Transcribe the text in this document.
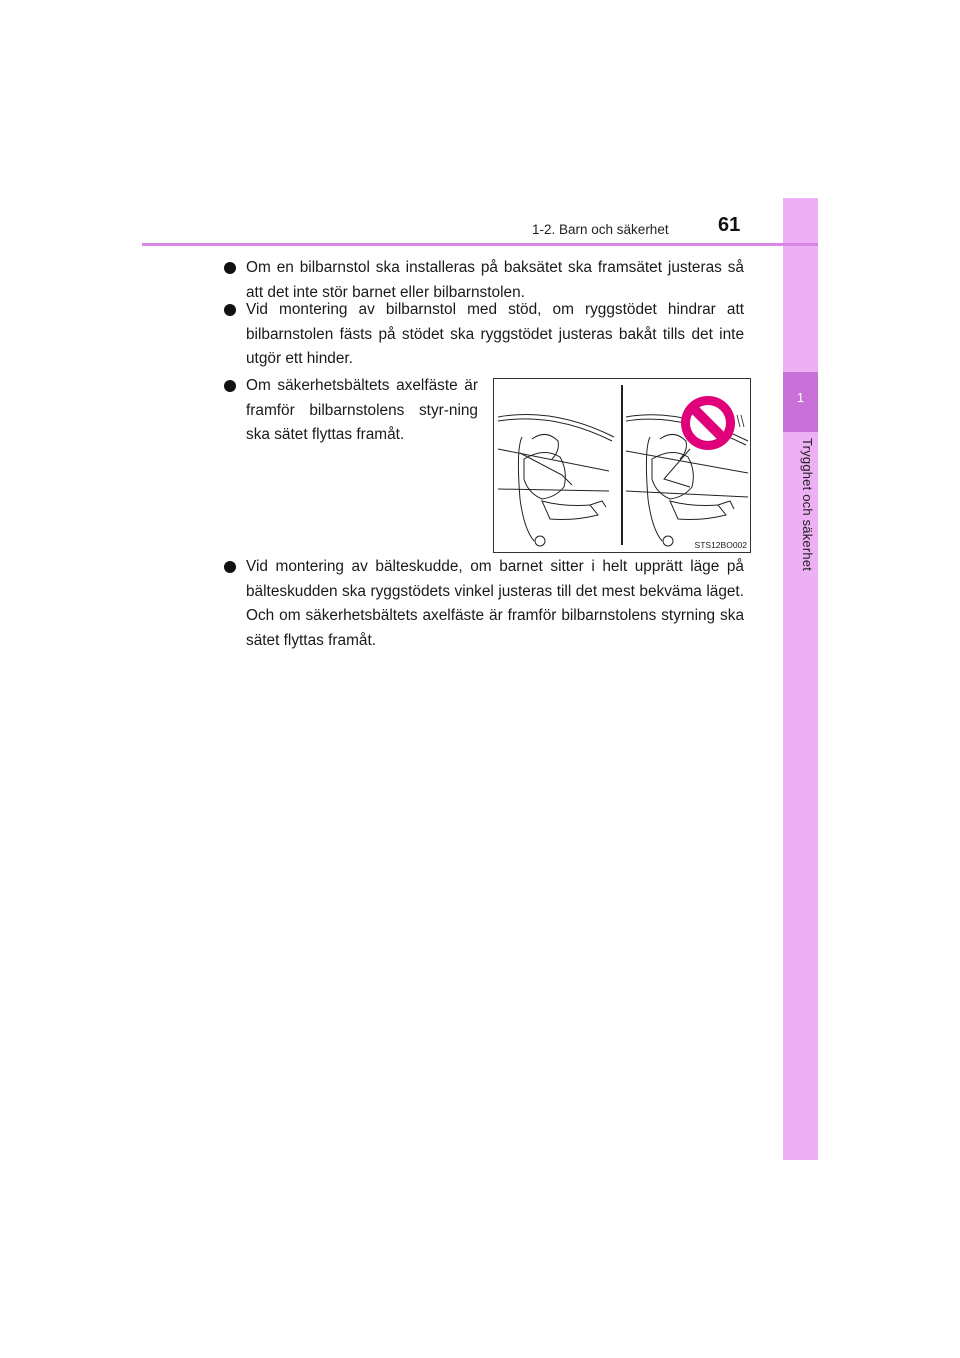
1
Trygghet och säkerhet
1-2. Barn och säkerhet 61
Om en bilbarnstol ska installeras på baksätet ska framsätet justeras så att det inte stör barnet eller bilbarnstolen.
Vid montering av bilbarnstol med stöd, om ryggstödet hindrar att bilbarnstolen fästs på stödet ska ryggstödet justeras bakåt tills det inte utgör ett hinder.
Om säkerhetsbältets axelfäste är framför bilbarnstolens styr-ning ska sätet flyttas framåt.
STS12BO002
Vid montering av bälteskudde, om barnet sitter i helt upprätt läge på bälteskudden ska ryggstödets vinkel justeras till det mest bekväma läget. Och om säkerhetsbältets axelfäste är framför bilbarnstolens styrning ska sätet flyttas framåt.
